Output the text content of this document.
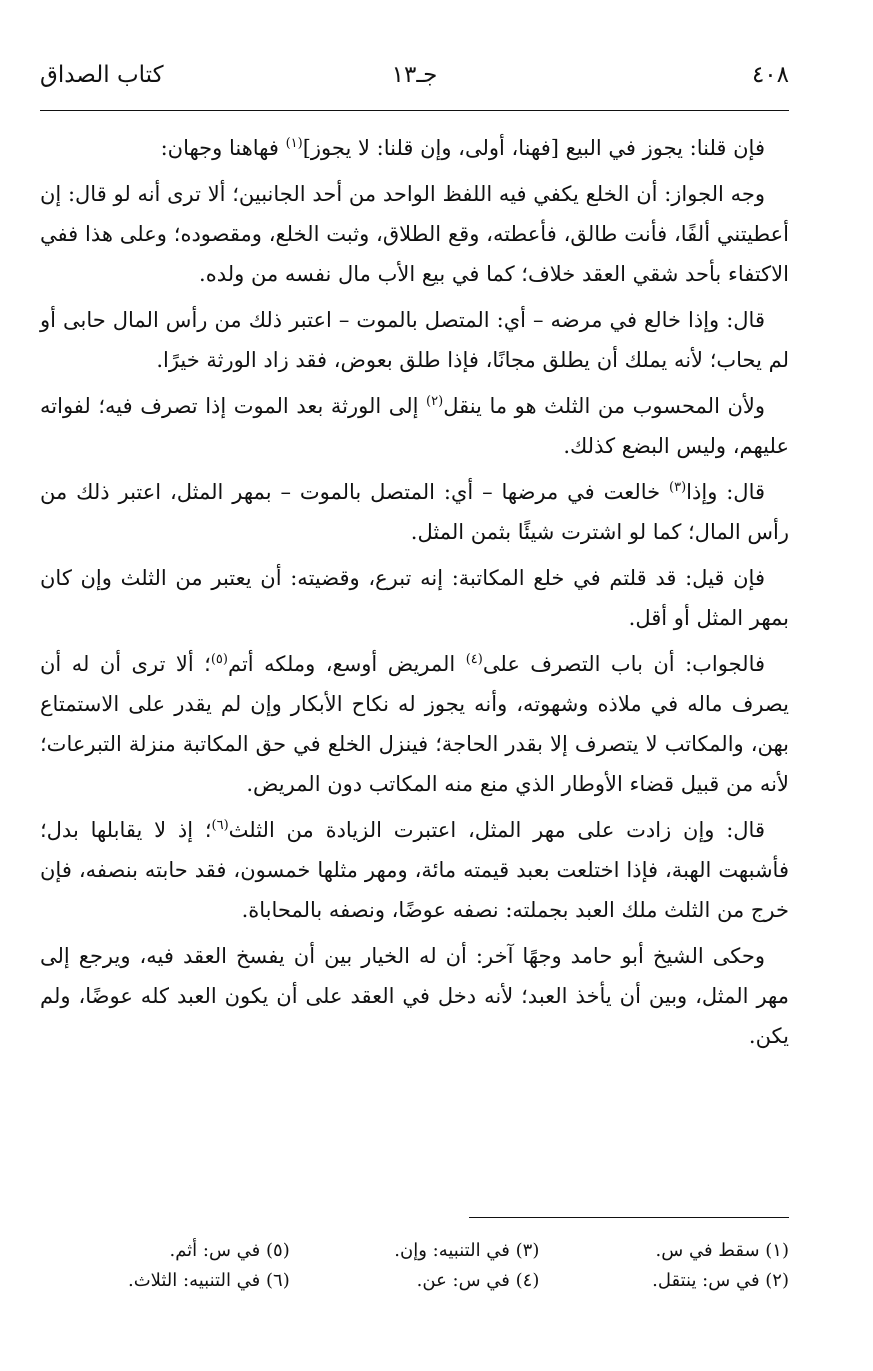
كتاب الصداق	جـ١٣	٤٠٨

فإن قلنا: يجوز في البيع [فهنا، أولى، وإن قلنا: لا يجوز]$^{(١)}$ فهاهنا وجهان:

وجه الجواز: أن الخلع يكفي فيه اللفظ الواحد من أحد الجانبين؛ ألا ترى أنه لو قال: إن أعطيتني ألفًا، فأنت طالق، فأعطته، وقع الطلاق، وثبت الخلع، ومقصوده؛ وعلى هذا ففي الاكتفاء بأحد شقي العقد خلاف؛ كما في بيع الأب مال نفسه من ولده.

قال: وإذا خالع في مرضه – أي: المتصل بالموت – اعتبر ذلك من رأس المال حابى أو لم يحاب؛ لأنه يملك أن يطلق مجانًا، فإذا طلق بعوض، فقد زاد الورثة خيرًا.

ولأن المحسوب من الثلث هو ما ينقل$^{(٢)}$ إلى الورثة بعد الموت إذا تصرف فيه؛ لفواته عليهم، وليس البضع كذلك.

قال: وإذا$^{(٣)}$ خالعت في مرضها – أي: المتصل بالموت – بمهر المثل، اعتبر ذلك من رأس المال؛ كما لو اشترت شيئًا بثمن المثل.

فإن قيل: قد قلتم في خلع المكاتبة: إنه تبرع، وقضيته: أن يعتبر من الثلث وإن كان بمهر المثل أو أقل.

فالجواب: أن باب التصرف على$^{(٤)}$ المريض أوسع، وملكه أتم$^{(٥)}$؛ ألا ترى أن له أن يصرف ماله في ملاذه وشهوته، وأنه يجوز له نكاح الأبكار وإن لم يقدر على الاستمتاع بهن، والمكاتب لا يتصرف إلا بقدر الحاجة؛ فينزل الخلع في حق المكاتبة منزلة التبرعات؛ لأنه من قبيل قضاء الأوطار الذي منع منه المكاتب دون المريض.

قال: وإن زادت على مهر المثل، اعتبرت الزيادة من الثلث$^{(٦)}$؛ إذ لا يقابلها بدل؛ فأشبهت الهبة، فإذا اختلعت بعبد قيمته مائة، ومهر مثلها خمسون، فقد حابته بنصفه، فإن خرج من الثلث ملك العبد بجملته: نصفه عوضًا، ونصفه بالمحاباة.

وحكى الشيخ أبو حامد وجهًا آخر: أن له الخيار بين أن يفسخ العقد فيه، ويرجع إلى مهر المثل، وبين أن يأخذ العبد؛ لأنه دخل في العقد على أن يكون العبد كله عوضًا، ولم يكن.

(١) سقط في س.
(٣) في التنبيه: وإن.
(٥) في س: أثم.
(٢) في س: ينتقل.
(٤) في س: عن.
(٦) في التنبيه: الثلاث.
